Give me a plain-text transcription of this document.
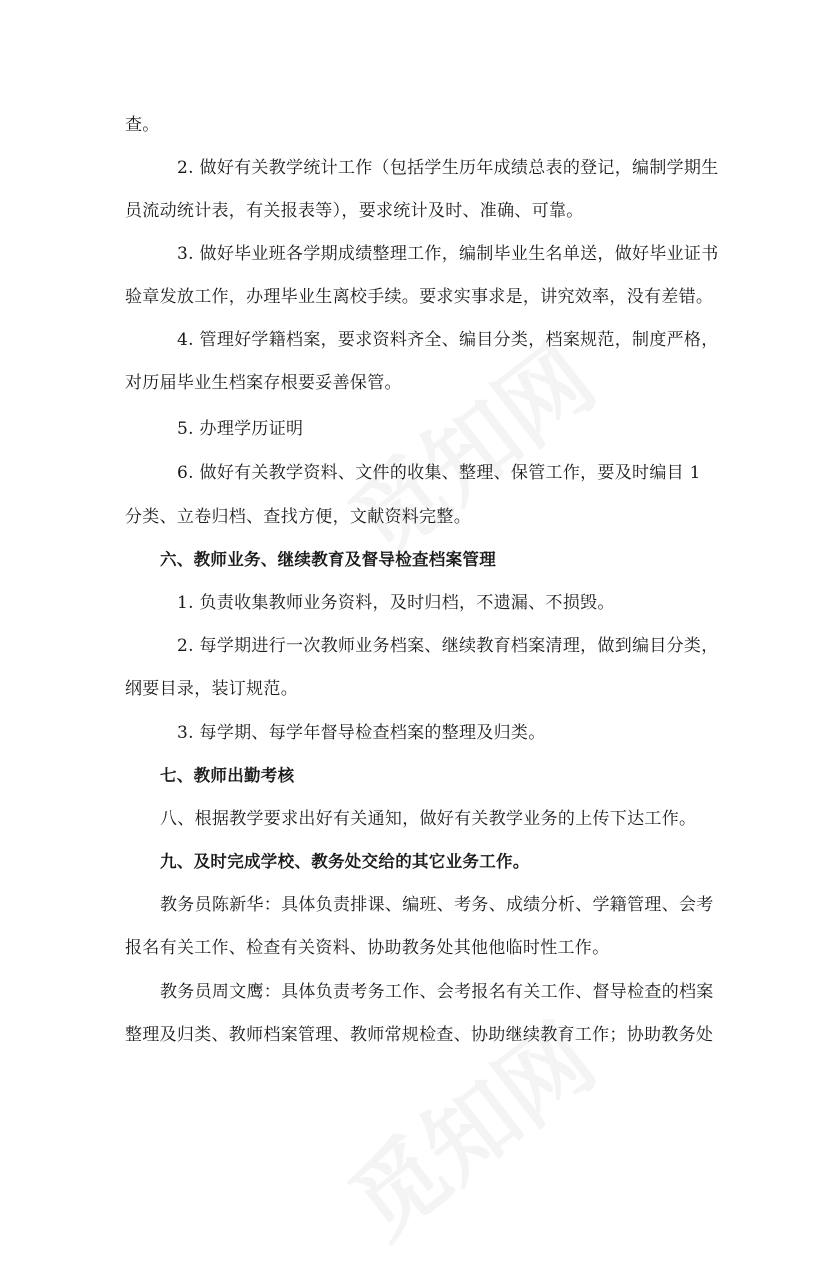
查。
2. 做好有关教学统计工作（包括学生历年成绩总表的登记，编制学期生
员流动统计表，有关报表等），要求统计及时、准确、可靠。
3. 做好毕业班各学期成绩整理工作，编制毕业生名单送，做好毕业证书
验章发放工作，办理毕业生离校手续。要求实事求是，讲究效率，没有差错。
4. 管理好学籍档案，要求资料齐全、编目分类，档案规范，制度严格，
对历届毕业生档案存根要妥善保管。
5. 办理学历证明
6. 做好有关教学资料、文件的收集、整理、保管工作，要及时编目 1
分类、立卷归档、查找方便，文献资料完整。
六、教师业务、继续教育及督导检查档案管理
1. 负责收集教师业务资料，及时归档，不遗漏、不损毁。
2. 每学期进行一次教师业务档案、继续教育档案清理，做到编目分类，
纲要目录，装订规范。
3. 每学期、每学年督导检查档案的整理及归类。
七、教师出勤考核
八、根据教学要求出好有关通知，做好有关教学业务的上传下达工作。
九、及时完成学校、教务处交给的其它业务工作。
教务员陈新华：具体负责排课、编班、考务、成绩分析、学籍管理、会考
报名有关工作、检查有关资料、协助教务处其他他临时性工作。
教务员周文鹰：具体负责考务工作、会考报名有关工作、督导检查的档案
整理及归类、教师档案管理、教师常规检查、协助继续教育工作；协助教务处
